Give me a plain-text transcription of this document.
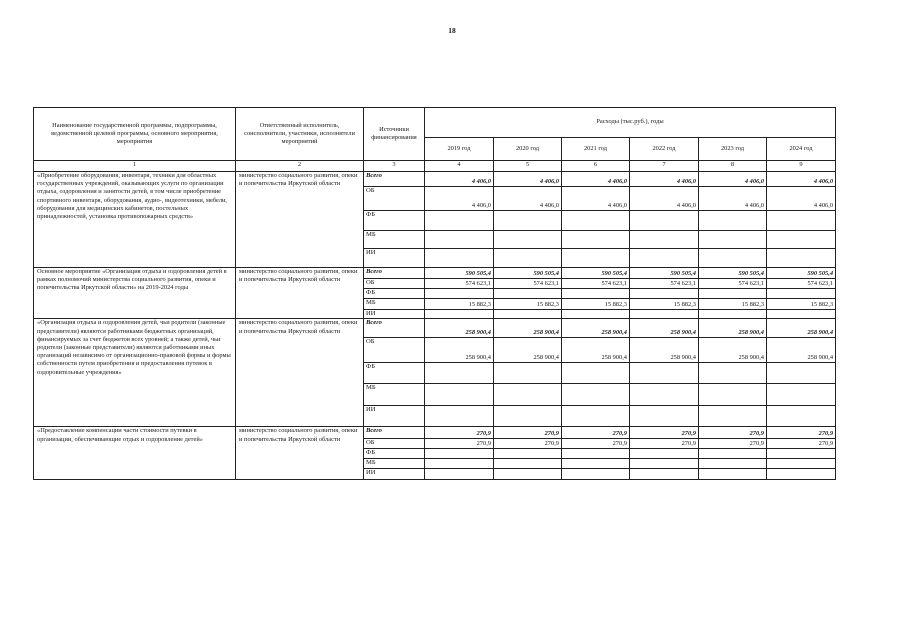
18
Наименование государственной программы, подпрограммы, ведомственной целевой программы, основного мероприятия, мероприятия	Ответственный исполнитель, соисполнители, участники, исполнители мероприятий	Источники финансирования	Расходы (тыс.руб.), годы					
			2019 год	2020 год	2021 год	2022 год	2023 год	2024 год
1	2	3	4	5	6	7	8	9
«Приобретение оборудования, инвентаря, техники для областных государственных учреждений, оказывающих услуги по организации отдыха, оздоровления и занятости детей, в том числе приобретение спортивного инвентаря, оборудования, аудио-, видеотехники, мебели, оборудования для медицинских кабинетов, постельных принадлежностей, установка противопожарных средств»	министерство социального развития, опеки и попечительства Иркутской области	Всего	4 406,0	4 406,0	4 406,0	4 406,0	4 406,0	4 406,0
		ОБ	4 406,0	4 406,0	4 406,0	4 406,0	4 406,0	4 406,0
		ФБ						
		МБ						
		ИИ						
Основное мероприятие «Организация отдыха и оздоровления детей в рамках полномочий министерства социального развития, опеки и попечительства Иркутской области» на 2019-2024 годы	министерство социального развития, опеки и попечительства Иркутской области	Всего	590 505,4	590 505,4	590 505,4	590 505,4	590 505,4	590 505,4
		ОБ	574 623,1	574 623,1	574 623,1	574 623,1	574 623,1	574 623,1
		ФБ						
		МБ	15 882,3	15 882,3	15 882,3	15 882,3	15 882,3	15 882,3
		ИИ						
«Организация отдыха и оздоровления детей, чьи родители (законные представители) являются работниками бюджетных организаций, финансируемых за счет бюджетов всех уровней; а также детей, чьи родители (законные представители) являются работниками иных организаций независимо от организационно-правовой формы и формы собственности путем приобретения и предоставления путевок в оздоровительные учреждения»	министерство социального развития, опеки и попечительства Иркутской области	Всего	258 900,4	258 900,4	258 900,4	258 900,4	258 900,4	258 900,4
		ОБ	258 900,4	258 900,4	258 900,4	258 900,4	258 900,4	258 900,4
		ФБ						
		МБ						
		ИИ						
«Предоставление компенсации части стоимости путевки в организации, обеспечивающие отдых и оздоровление детей»	министерство социального развития, опеки и попечительства Иркутской области	Всего	270,9	270,9	270,9	270,9	270,9	270,9
		ОБ	270,9	270,9	270,9	270,9	270,9	270,9
		ФБ						
		МБ						
		ИИ						
